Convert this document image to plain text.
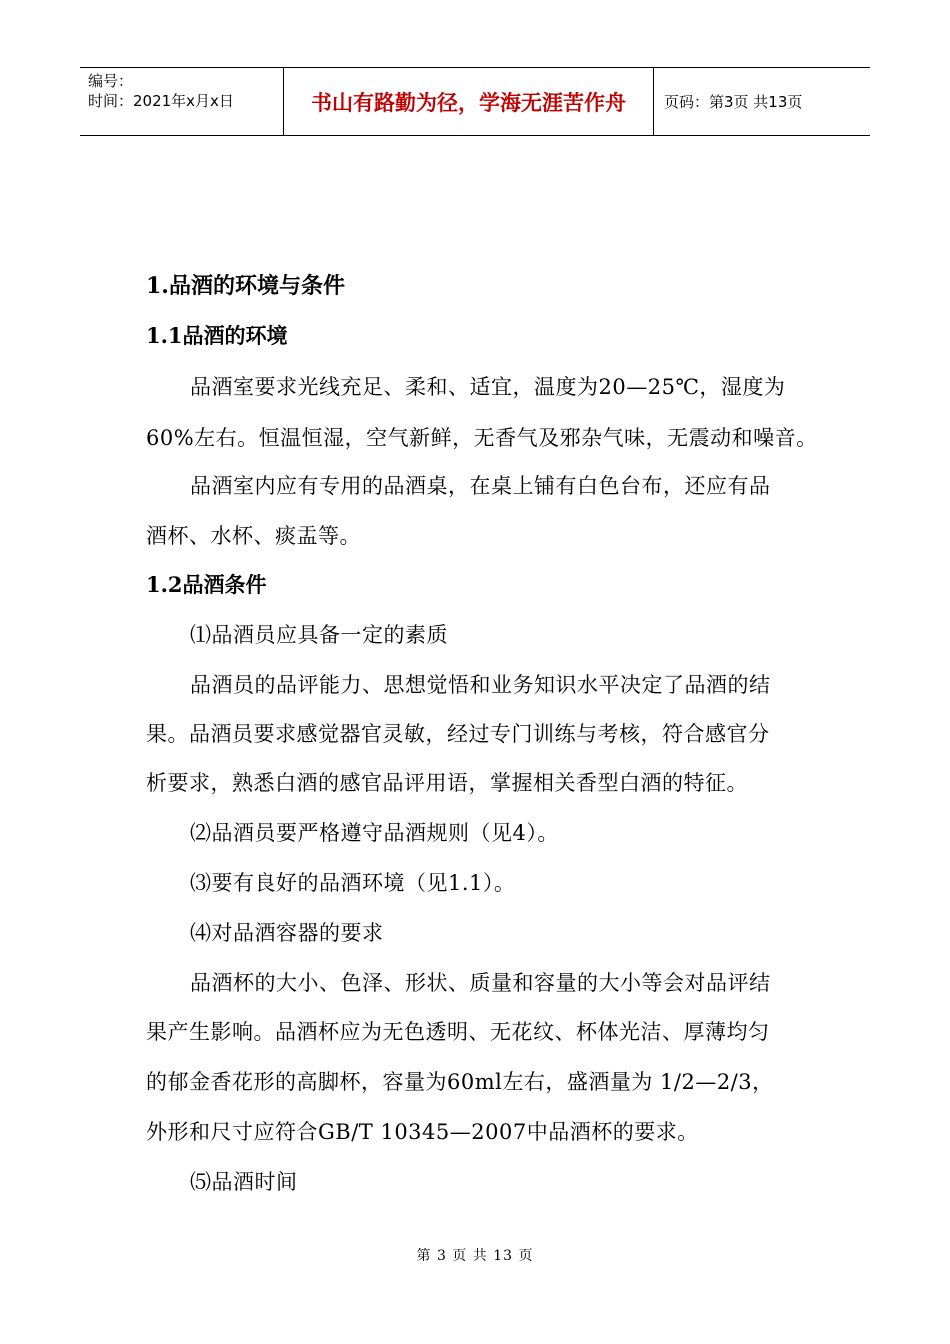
编号：
时间：2021年x月x日	书山有路勤为径，学海无涯苦作舟	页码：第3页 共13页
1.品酒的环境与条件
1.1品酒的环境
品酒室要求光线充足、柔和、适宜，温度为20—25℃，湿度为
60%左右。恒温恒湿，空气新鲜，无香气及邪杂气味，无震动和噪音。
品酒室内应有专用的品酒桌，在桌上铺有白色台布，还应有品
酒杯、水杯、痰盂等。
1.2品酒条件
⑴品酒员应具备一定的素质
品酒员的品评能力、思想觉悟和业务知识水平决定了品酒的结
果。品酒员要求感觉器官灵敏，经过专门训练与考核，符合感官分
析要求，熟悉白酒的感官品评用语，掌握相关香型白酒的特征。
⑵品酒员要严格遵守品酒规则（见4）。
⑶要有良好的品酒环境（见1.1）。
⑷对品酒容器的要求
品酒杯的大小、色泽、形状、质量和容量的大小等会对品评结
果产生影响。品酒杯应为无色透明、无花纹、杯体光洁、厚薄均匀
的郁金香花形的高脚杯，容量为60ml左右，盛酒量为 1/2—2/3，
外形和尺寸应符合GB/T 10345—2007中品酒杯的要求。
⑸品酒时间
第 3 页 共 13 页
